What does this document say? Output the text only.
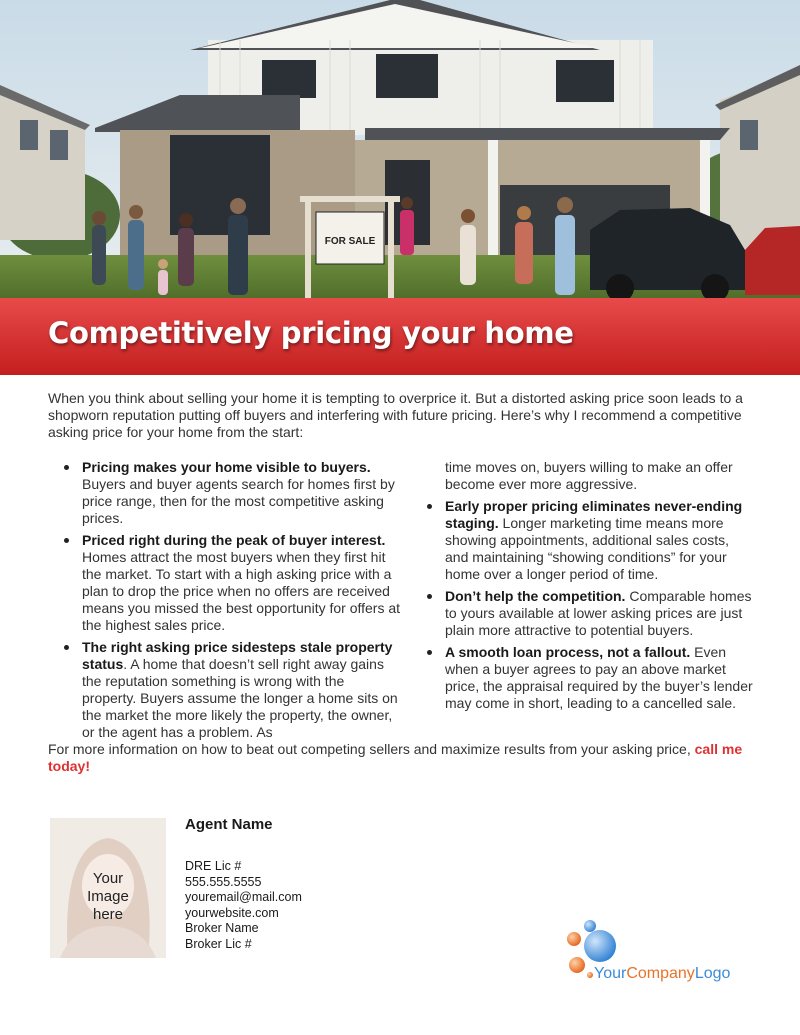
FOR SALE
Competitively pricing your home

When you think about selling your home it is tempting to overprice it. But a distorted asking price soon leads to a shopworn reputation putting off buyers and interfering with future pricing. Here’s why I recommend a competitive asking price for your home from the start:

Pricing makes your home visible to buyers. Buyers and buyer agents search for homes first by price range, then for the most competitive asking prices.
Priced right during the peak of buyer interest. Homes attract the most buyers when they first hit the market. To start with a high asking price with a plan to drop the price when no offers are received means you missed the best opportunity for offers at the highest sales price.
The right asking price sidesteps stale property status. A home that doesn’t sell right away gains the reputation something is wrong with the property. Buyers assume the longer a home sits on the market the more likely the property, the owner, or the agent has a problem. As
time moves on, buyers willing to make an offer become ever more aggressive.
Early proper pricing eliminates never-ending staging. Longer marketing time means more showing appointments, additional sales costs, and maintaining “showing conditions” for your home over a longer period of time.
Don’t help the competition. Comparable homes to yours available at lower asking prices are just plain more attractive to potential buyers.
A smooth loan process, not a fallout. Even when a buyer agrees to pay an above market price, the appraisal required by the buyer’s lender may come in short, leading to a cancelled sale.

For more information on how to beat out competing sellers and maximize results from your asking price, call me today!

Your
Image
here
Agent Name
DRE Lic #
555.555.5555
youremail@mail.com
yourwebsite.com
Broker Name
Broker Lic #
YourCompanyLogo
